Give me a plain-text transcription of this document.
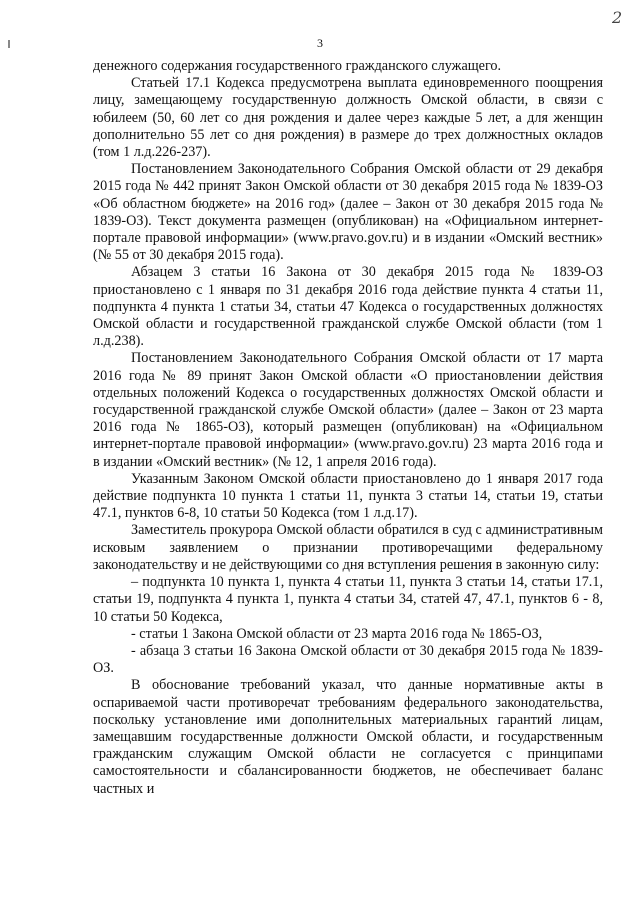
2
3

денежного содержания государственного гражданского служащего.

Статьей 17.1 Кодекса предусмотрена выплата единовременного поощрения лицу, замещающему государственную должность Омской области, в связи с юбилеем (50, 60 лет со дня рождения и далее через каждые 5 лет, а для женщин дополнительно 55 лет со дня рождения) в размере до трех должностных окладов (том 1 л.д.226-237).

Постановлением Законодательного Собрания Омской области от 29 декабря 2015 года № 442 принят Закон Омской области от 30 декабря 2015 года № 1839-ОЗ «Об областном бюджете» на 2016 год» (далее – Закон от 30 декабря 2015 года № 1839-ОЗ). Текст документа размещен (опубликован) на «Официальном интернет-портале правовой информации» (www.pravo.gov.ru) и в издании «Омский вестник» (№ 55 от 30 декабря 2015 года).

Абзацем 3 статьи 16 Закона от 30 декабря 2015 года № 1839-ОЗ приостановлено с 1 января по 31 декабря 2016 года действие пункта 4 статьи 11, подпункта 4 пункта 1 статьи 34, статьи 47 Кодекса о государственных должностях Омской области и государственной гражданской службе Омской области (том 1 л.д.238).

Постановлением Законодательного Собрания Омской области от 17 марта 2016 года № 89 принят Закон Омской области «О приостановлении действия отдельных положений Кодекса о государственных должностях Омской области и государственной гражданской службе Омской области» (далее – Закон от 23 марта 2016 года № 1865-ОЗ), который размещен (опубликован) на «Официальном интернет-портале правовой информации» (www.pravo.gov.ru) 23 марта 2016 года и в издании «Омский вестник» (№ 12, 1 апреля 2016 года).

Указанным Законом Омской области приостановлено до 1 января 2017 года действие подпункта 10 пункта 1 статьи 11, пункта 3 статьи 14, статьи 19, статьи 47.1, пунктов 6-8, 10 статьи 50 Кодекса (том 1 л.д.17).

Заместитель прокурора Омской области обратился в суд с административным исковым заявлением о признании противоречащими федеральному законодательству и не действующими со дня вступления решения в законную силу:

– подпункта 10 пункта 1, пункта 4 статьи 11, пункта 3 статьи 14, статьи 17.1, статьи 19, подпункта 4 пункта 1, пункта 4 статьи 34, статей 47, 47.1, пунктов 6 - 8, 10 статьи 50 Кодекса,

- статьи 1 Закона Омской области от 23 марта 2016 года № 1865-ОЗ,

- абзаца 3 статьи 16 Закона Омской области от 30 декабря 2015 года № 1839-ОЗ.

В обоснование требований указал, что данные нормативные акты в оспариваемой части противоречат требованиям федерального законодательства, поскольку установление ими дополнительных материальных гарантий лицам, замещавшим государственные должности Омской области, и государственным гражданским служащим Омской области не согласуется с принципами самостоятельности и сбалансированности бюджетов, не обеспечивает баланс частных и
